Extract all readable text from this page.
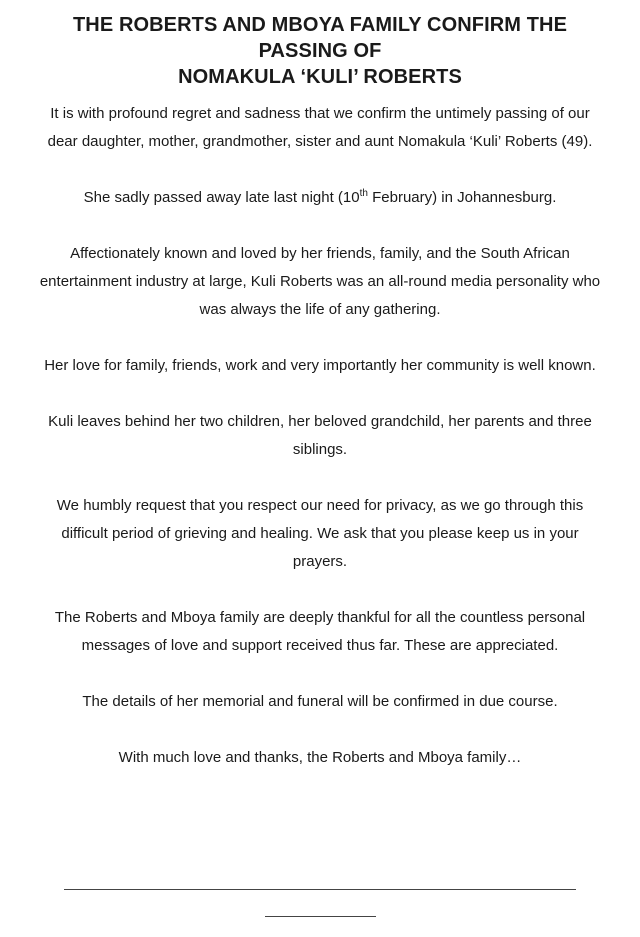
THE ROBERTS AND MBOYA FAMILY CONFIRM THE
PASSING OF
NOMAKULA ‘KULI’ ROBERTS

It is with profound regret and sadness that we confirm the untimely passing of our dear daughter, mother, grandmother, sister and aunt Nomakula ‘Kuli’ Roberts (49).

She sadly passed away late last night (10th February) in Johannesburg.

Affectionately known and loved by her friends, family, and the South African entertainment industry at large, Kuli Roberts was an all-round media personality who was always the life of any gathering.

Her love for family, friends, work and very importantly her community is well known.

Kuli leaves behind her two children, her beloved grandchild, her parents and three siblings.

We humbly request that you respect our need for privacy, as we go through this difficult period of grieving and healing. We ask that you please keep us in your prayers.

The Roberts and Mboya family are deeply thankful for all the countless personal messages of love and support received thus far. These are appreciated.

The details of her memorial and funeral will be confirmed in due course.

With much love and thanks, the Roberts and Mboya family…
